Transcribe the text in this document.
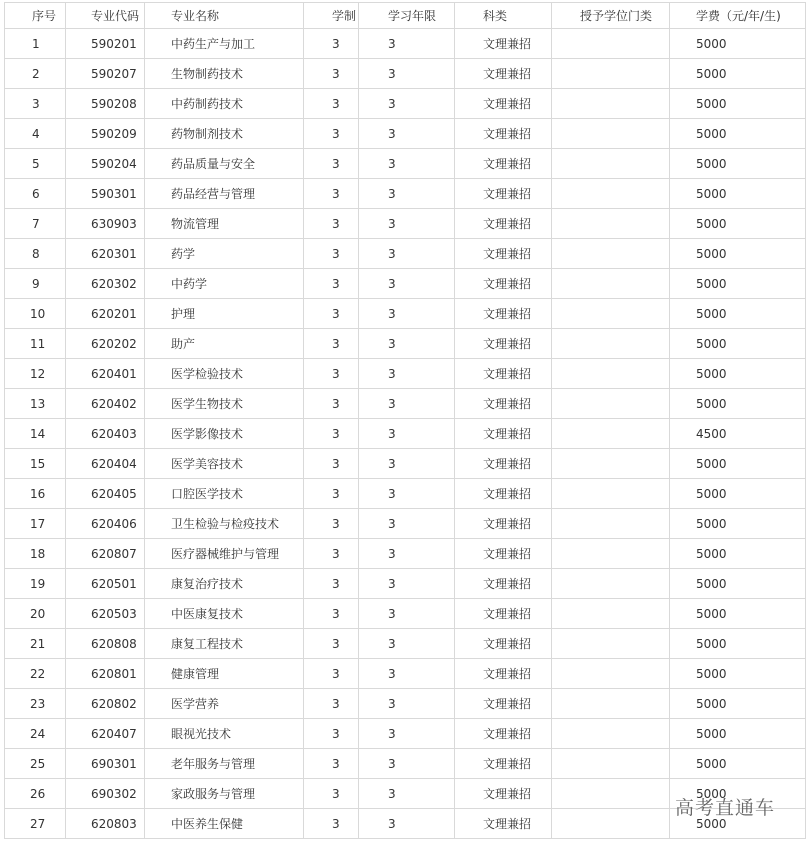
序号	专业代码	专业名称	学制	学习年限	科类	授予学位门类	学费（元/年/生)
1	590201	中药生产与加工	3	3	文理兼招		5000
2	590207	生物制药技术	3	3	文理兼招		5000
3	590208	中药制药技术	3	3	文理兼招		5000
4	590209	药物制剂技术	3	3	文理兼招		5000
5	590204	药品质量与安全	3	3	文理兼招		5000
6	590301	药品经营与管理	3	3	文理兼招		5000
7	630903	物流管理	3	3	文理兼招		5000
8	620301	药学	3	3	文理兼招		5000
9	620302	中药学	3	3	文理兼招		5000
10	620201	护理	3	3	文理兼招		5000
11	620202	助产	3	3	文理兼招		5000
12	620401	医学检验技术	3	3	文理兼招		5000
13	620402	医学生物技术	3	3	文理兼招		5000
14	620403	医学影像技术	3	3	文理兼招		4500
15	620404	医学美容技术	3	3	文理兼招		5000
16	620405	口腔医学技术	3	3	文理兼招		5000
17	620406	卫生检验与检疫技术	3	3	文理兼招		5000
18	620807	医疗器械维护与管理	3	3	文理兼招		5000
19	620501	康复治疗技术	3	3	文理兼招		5000
20	620503	中医康复技术	3	3	文理兼招		5000
21	620808	康复工程技术	3	3	文理兼招		5000
22	620801	健康管理	3	3	文理兼招		5000
23	620802	医学营养	3	3	文理兼招		5000
24	620407	眼视光技术	3	3	文理兼招		5000
25	690301	老年服务与管理	3	3	文理兼招		5000
26	690302	家政服务与管理	3	3	文理兼招		5000
27	620803	中医养生保健	3	3	文理兼招		5000
高考直通车
